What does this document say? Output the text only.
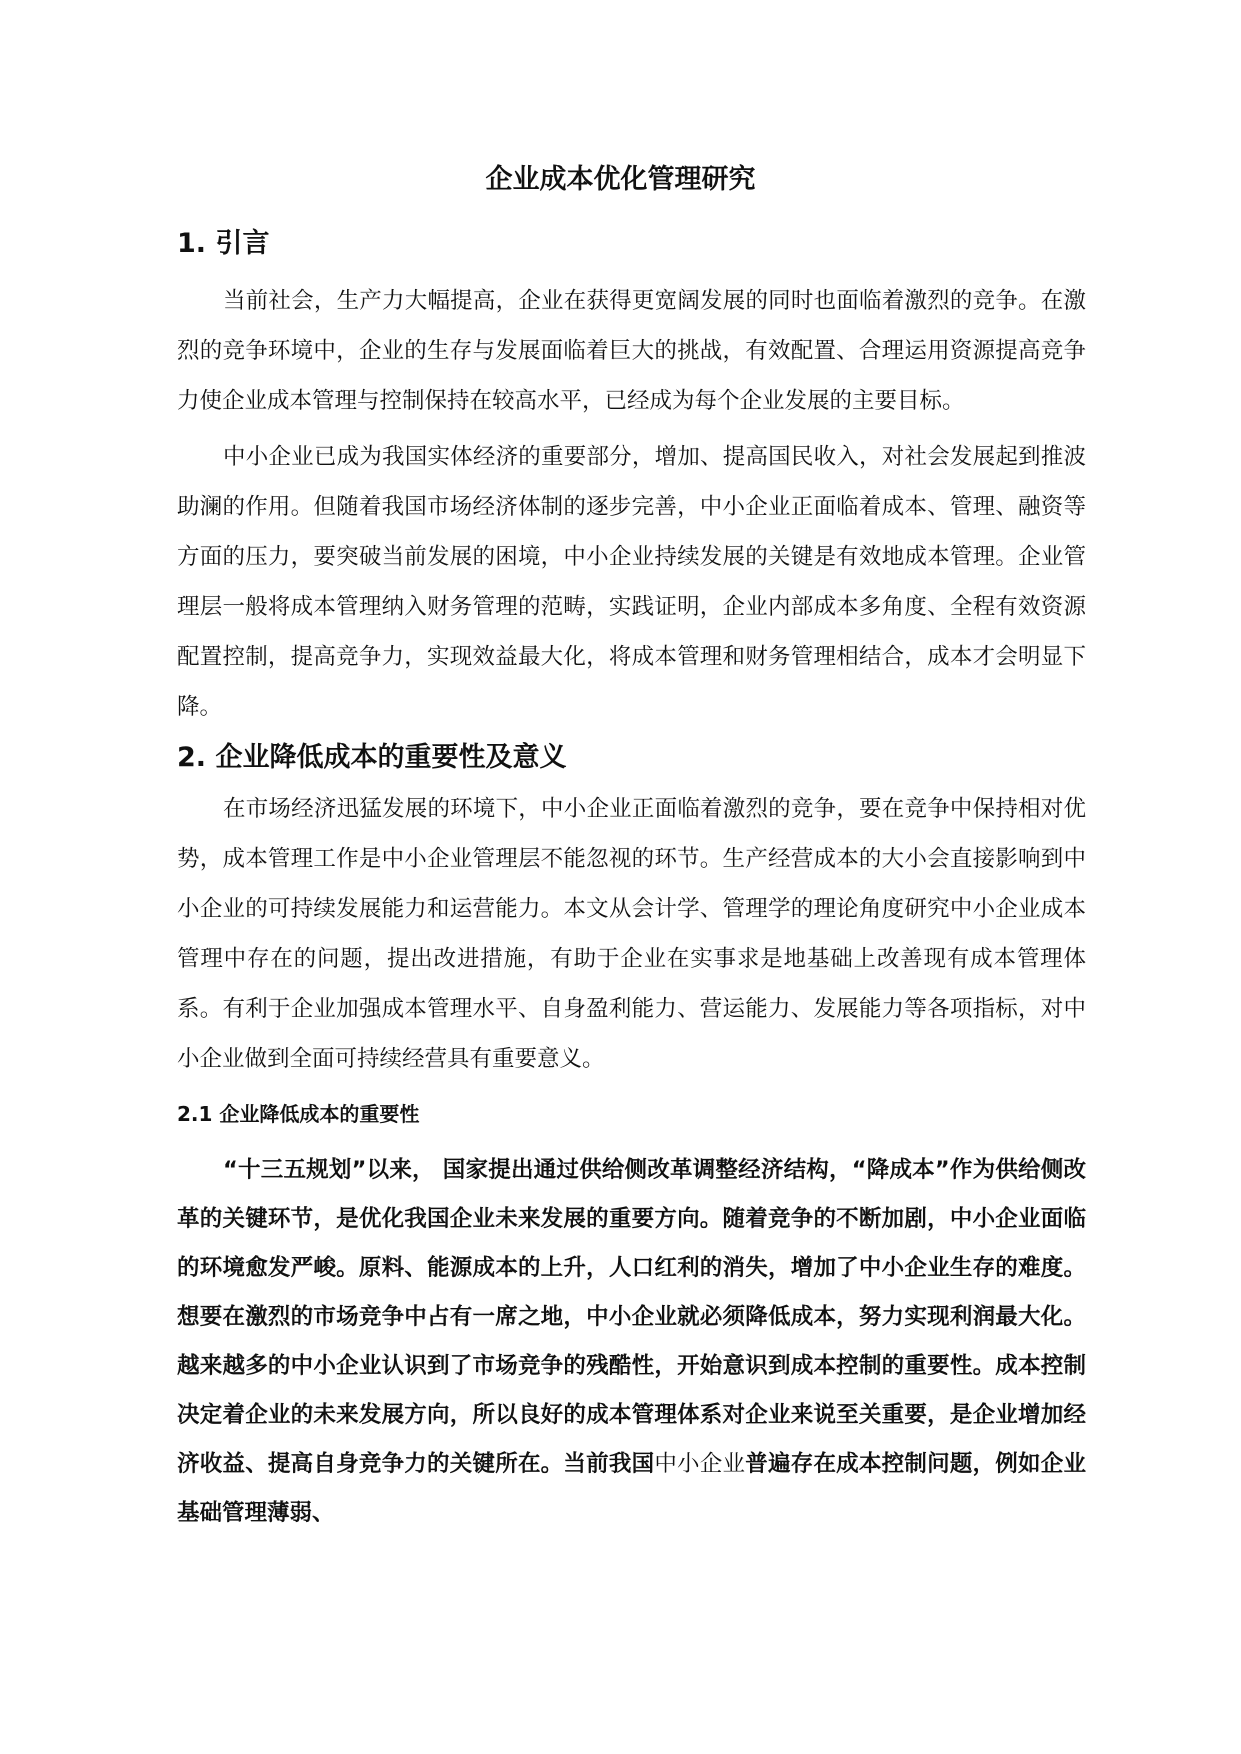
企业成本优化管理研究
1. 引言

当前社会，生产力大幅提高，企业在获得更宽阔发展的同时也面临着激烈的竞争。在激烈的竞争环境中，企业的生存与发展面临着巨大的挑战，有效配置、合理运用资源提高竞争力使企业成本管理与控制保持在较高水平，已经成为每个企业发展的主要目标。

中小企业已成为我国实体经济的重要部分，增加、提高国民收入，对社会发展起到推波助澜的作用。但随着我国市场经济体制的逐步完善，中小企业正面临着成本、管理、融资等方面的压力，要突破当前发展的困境，中小企业持续发展的关键是有效地成本管理。企业管理层一般将成本管理纳入财务管理的范畴，实践证明，企业内部成本多角度、全程有效资源配置控制，提高竞争力，实现效益最大化，将成本管理和财务管理相结合，成本才会明显下降。

2. 企业降低成本的重要性及意义

在市场经济迅猛发展的环境下，中小企业正面临着激烈的竞争，要在竞争中保持相对优势，成本管理工作是中小企业管理层不能忽视的环节。生产经营成本的大小会直接影响到中小企业的可持续发展能力和运营能力。本文从会计学、管理学的理论角度研究中小企业成本管理中存在的问题，提出改进措施，有助于企业在实事求是地基础上改善现有成本管理体系。有利于企业加强成本管理水平、自身盈利能力、营运能力、发展能力等各项指标，对中小企业做到全面可持续经营具有重要意义。

2.1 企业降低成本的重要性

“十三五规划”以来， 国家提出通过供给侧改革调整经济结构，“降成本”作为供给侧改革的关键环节，是优化我国企业未来发展的重要方向。随着竞争的不断加剧，中小企业面临的环境愈发严峻。原料、能源成本的上升，人口红利的消失，增加了中小企业生存的难度。想要在激烈的市场竞争中占有一席之地，中小企业就必须降低成本，努力实现利润最大化。越来越多的中小企业认识到了市场竞争的残酷性，开始意识到成本控制的重要性。成本控制决定着企业的未来发展方向，所以良好的成本管理体系对企业来说至关重要，是企业增加经济收益、提高自身竞争力的关键所在。当前我国中小企业普遍存在成本控制问题，例如企业基础管理薄弱、
